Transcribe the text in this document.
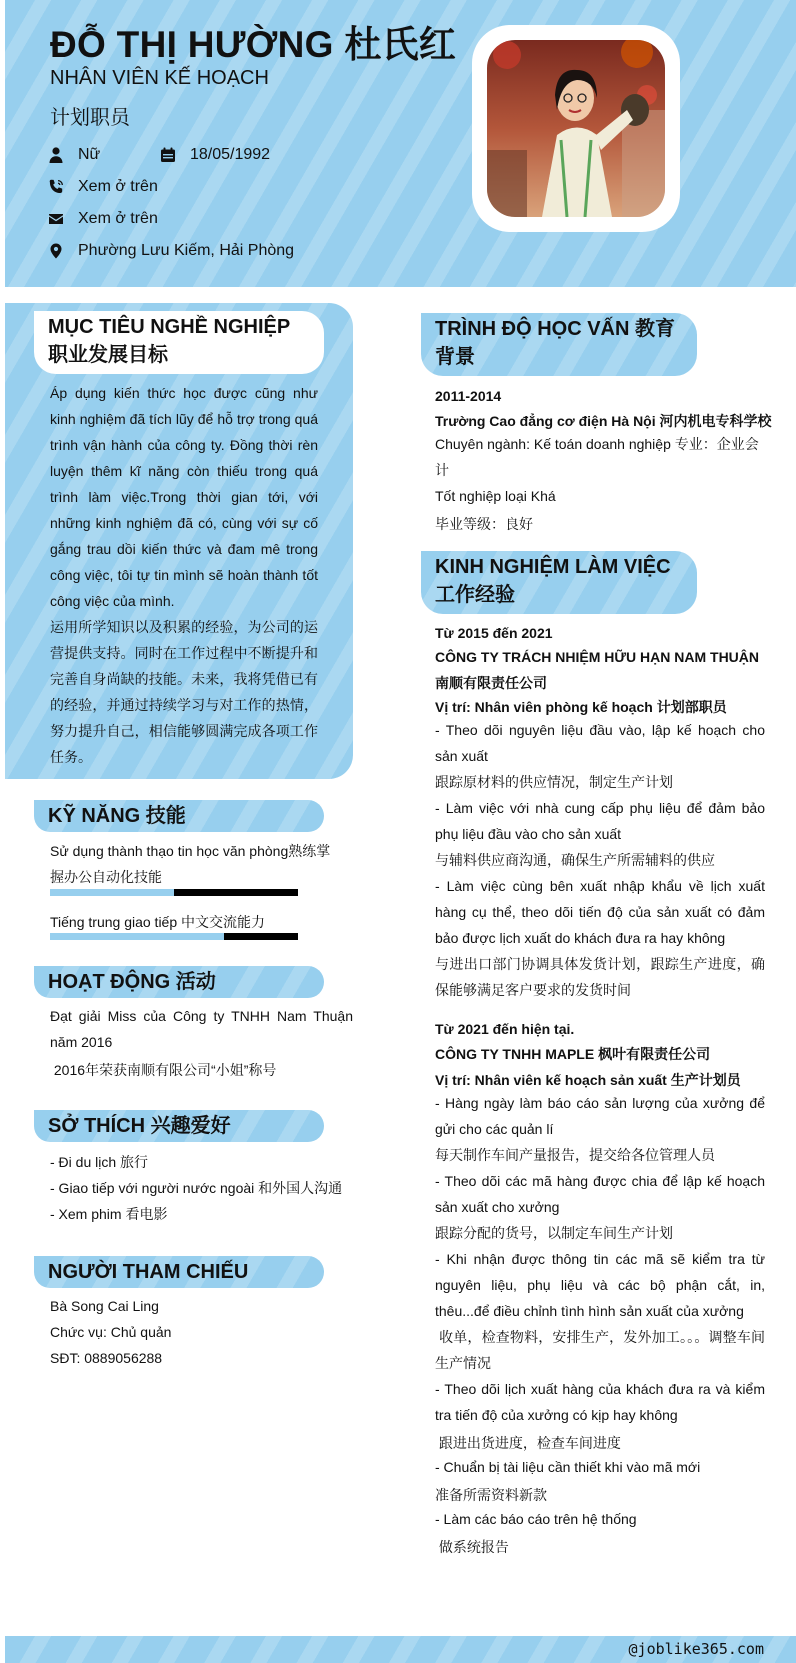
ĐỖ THỊ HƯỜNG 杜氏红
NHÂN VIÊN KẾ HOẠCH
计划职员
Nữ	18/05/1992
Xem ở trên
Xem ở trên
Phường Lưu Kiếm, Hải Phòng
MỤC TIÊU NGHỀ NGHIỆP 职业发展目标

Áp dụng kiến thức học được cũng như kinh nghiệm đã tích lũy để hỗ trợ trong quá trình vận hành của công ty. Đồng thời rèn luyện thêm kĩ năng còn thiếu trong quá trình làm việc.Trong thời gian tới, với những kinh nghiệm đã có, cùng với sự cố gắng trau dồi kiến thức và đam mê trong công việc, tôi tự tin mình sẽ hoàn thành tốt công việc của mình.

运用所学知识以及积累的经验，为公司的运营提供支持。同时在工作过程中不断提升和完善自身尚缺的技能。未来，我将凭借已有的经验，并通过持续学习与对工作的热情，努力提升自己，相信能够圆满完成各项工作任务。

KỸ NĂNG 技能
Sử dụng thành thạo tin học văn phòng熟练掌握办公自动化技能
Tiếng trung giao tiếp 中文交流能力
HOẠT ĐỘNG 活动

Đạt giải Miss của Công ty TNHH Nam Thuận năm 2016

2016年荣获南顺有限公司“小姐”称号
SỞ THÍCH 兴趣爱好
- Đi du lịch 旅行
- Giao tiếp với người nước ngoài 和外国人沟通
- Xem phim 看电影
NGƯỜI THAM CHIẾU
Bà Song Cai Ling
Chức vụ: Chủ quản
SĐT: 0889056288
TRÌNH ĐỘ HỌC VẤN 教育背景
2011-2014
Trường Cao đẳng cơ điện Hà Nội 河内机电专科学校

Chuyên ngành: Kế toán doanh nghiệp 专业：企业会计

Tốt nghiệp loại Khá
毕业等级：良好
KINH NGHIỆM LÀM VIỆC 工作经验
Từ 2015 đến 2021

CÔNG TY TRÁCH NHIỆM HỮU HẠN NAM THUẬN 南顺有限责任公司

Vị trí: Nhân viên phòng kế hoạch 计划部职员

- Theo dõi nguyên liệu đầu vào, lập kế hoạch cho sản xuất

跟踪原材料的供应情况，制定生产计划

- Làm việc với nhà cung cấp phụ liệu để đảm bảo phụ liệu đầu vào cho sản xuất

与辅料供应商沟通，确保生产所需辅料的供应

- Làm việc cùng bên xuất nhập khẩu về lịch xuất hàng cụ thể, theo dõi tiến độ của sản xuất có đảm bảo được lịch xuất do khách đưa ra hay không

与进出口部门协调具体发货计划，跟踪生产进度，确保能够满足客户要求的发货时间

Từ 2021 đến hiện tại.
CÔNG TY TNHH MAPLE 枫叶有限责任公司
Vị trí: Nhân viên kế hoạch sản xuất 生产计划员

- Hàng ngày làm báo cáo sản lượng của xưởng để gửi cho các quản lí

每天制作车间产量报告，提交给各位管理人员

- Theo dõi các mã hàng được chia để lập kế hoạch sản xuất cho xưởng

跟踪分配的货号，以制定车间生产计划

- Khi nhận được thông tin các mã sẽ kiểm tra từ nguyên liệu, phụ liệu và các bộ phận cắt, in, thêu...để điều chỉnh tình hình sản xuất của xưởng

收单，检查物料，安排生产，发外加工。。。调整车间生产情况

- Theo dõi lịch xuất hàng của khách đưa ra và kiểm tra tiến độ của xưởng có kịp hay không

跟进出货进度，检查车间进度
- Chuẩn bị tài liệu cần thiết khi vào mã mới
准备所需资料新款
- Làm các báo cáo trên hệ thống
做系统报告
@joblike365.com
